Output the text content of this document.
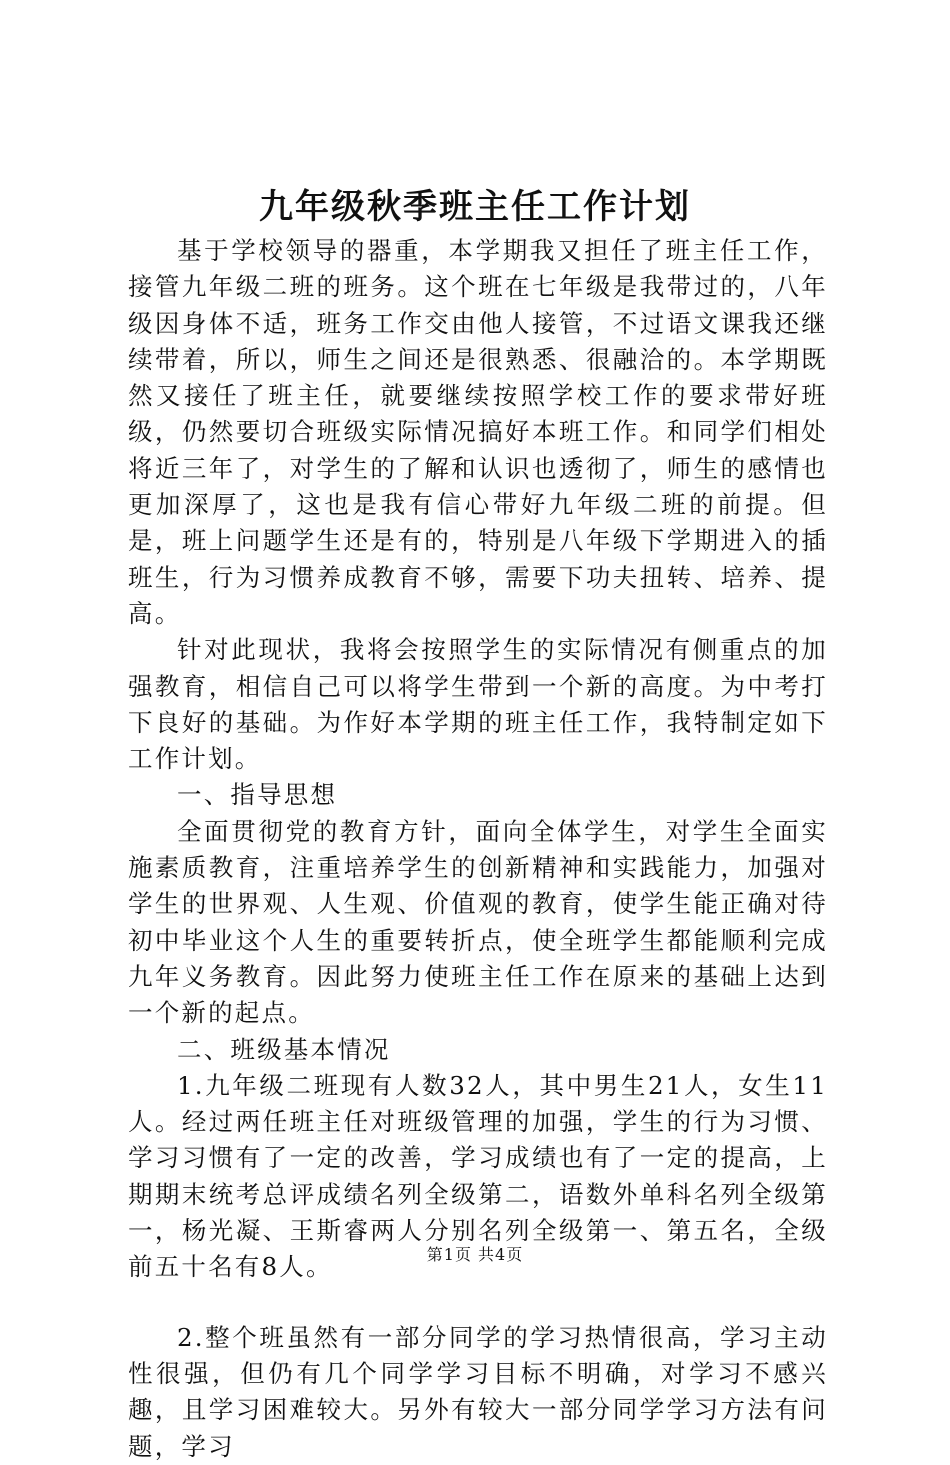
九年级秋季班主任工作计划

基于学校领导的器重，本学期我又担任了班主任工作，接管九年级二班的班务。这个班在七年级是我带过的，八年级因身体不适，班务工作交由他人接管，不过语文课我还继续带着，所以，师生之间还是很熟悉、很融洽的。本学期既然又接任了班主任，就要继续按照学校工作的要求带好班级，仍然要切合班级实际情况搞好本班工作。和同学们相处将近三年了，对学生的了解和认识也透彻了，师生的感情也更加深厚了，这也是我有信心带好九年级二班的前提。但是，班上问题学生还是有的，特别是八年级下学期进入的插班生，行为习惯养成教育不够，需要下功夫扭转、培养、提高。

针对此现状，我将会按照学生的实际情况有侧重点的加强教育，相信自己可以将学生带到一个新的高度。为中考打下良好的基础。为作好本学期的班主任工作，我特制定如下工作计划。

一、指导思想

全面贯彻党的教育方针，面向全体学生，对学生全面实施素质教育，注重培养学生的创新精神和实践能力，加强对学生的世界观、人生观、价值观的教育，使学生能正确对待初中毕业这个人生的重要转折点，使全班学生都能顺利完成九年义务教育。因此努力使班主任工作在原来的基础上达到一个新的起点。

二、班级基本情况

1.九年级二班现有人数32人，其中男生21人，女生11人。经过两任班主任对班级管理的加强，学生的行为习惯、学习习惯有了一定的改善，学习成绩也有了一定的提高，上期期末统考总评成绩名列全级第二，语数外单科名列全级第一，杨光凝、王斯睿两人分别名列全级第一、第五名，全级前五十名有8人。

2.整个班虽然有一部分同学的学习热情很高，学习主动性很强，但仍有几个同学学习目标不明确，对学习不感兴趣，且学习困难较大。另外有较大一部分同学学习方法有问题，学习

第1页 共4页
